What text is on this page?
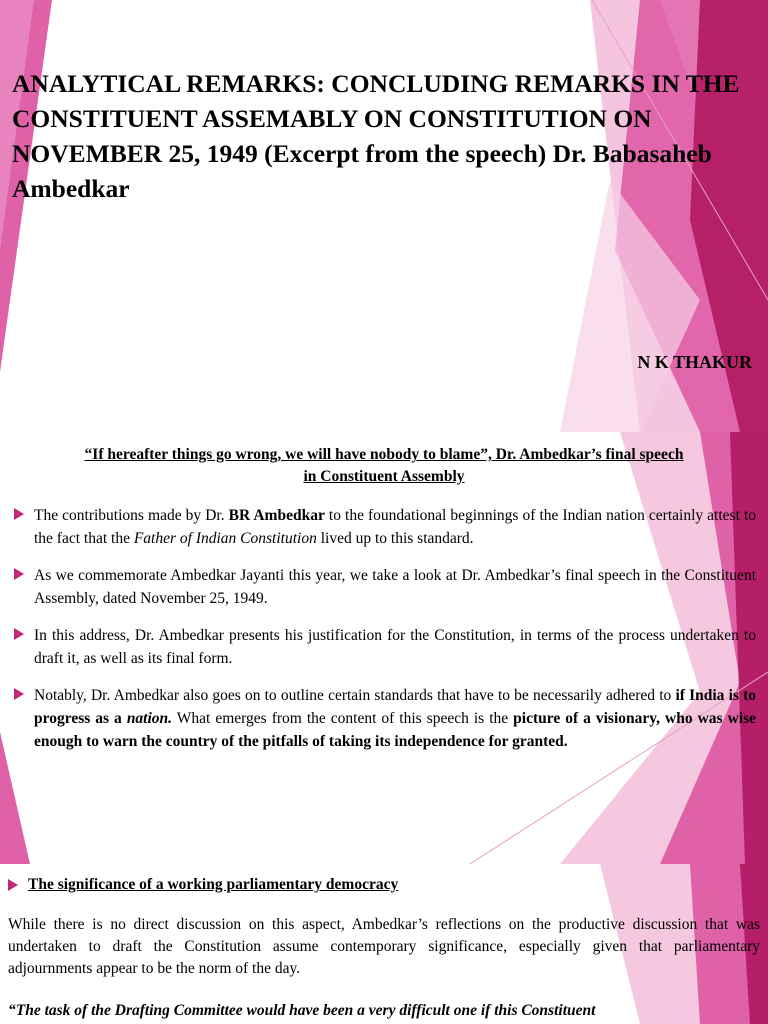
ANALYTICAL REMARKS: CONCLUDING REMARKS IN THE CONSTITUENT ASSEMABLY ON CONSTITUTION ON NOVEMBER 25, 1949 (Excerpt from the speech) Dr. Babasaheb Ambedkar

N K THAKUR

“If hereafter things go wrong, we will have nobody to blame”, Dr. Ambedkar’s final speech
in Constituent Assembly
The contributions made by Dr. BR Ambedkar to the foundational beginnings of the Indian nation certainly attest to the fact that the Father of Indian Constitution lived up to this standard.
As we commemorate Ambedkar Jayanti this year, we take a look at Dr. Ambedkar’s final speech in the Constituent Assembly, dated November 25, 1949.
In this address, Dr. Ambedkar presents his justification for the Constitution, in terms of the process undertaken to draft it, as well as its final form.
Notably, Dr. Ambedkar also goes on to outline certain standards that have to be necessarily adhered to if India is to progress as a nation. What emerges from the content of this speech is the picture of a visionary, who was wise enough to warn the country of the pitfalls of taking its independence for granted.
The significance of a working parliamentary democracy

While there is no direct discussion on this aspect, Ambedkar’s reflections on the productive discussion that was undertaken to draft the Constitution assume contemporary significance, especially given that parliamentary adjournments appear to be the norm of the day.

“The task of the Drafting Committee would have been a very difficult one if this Constituent
